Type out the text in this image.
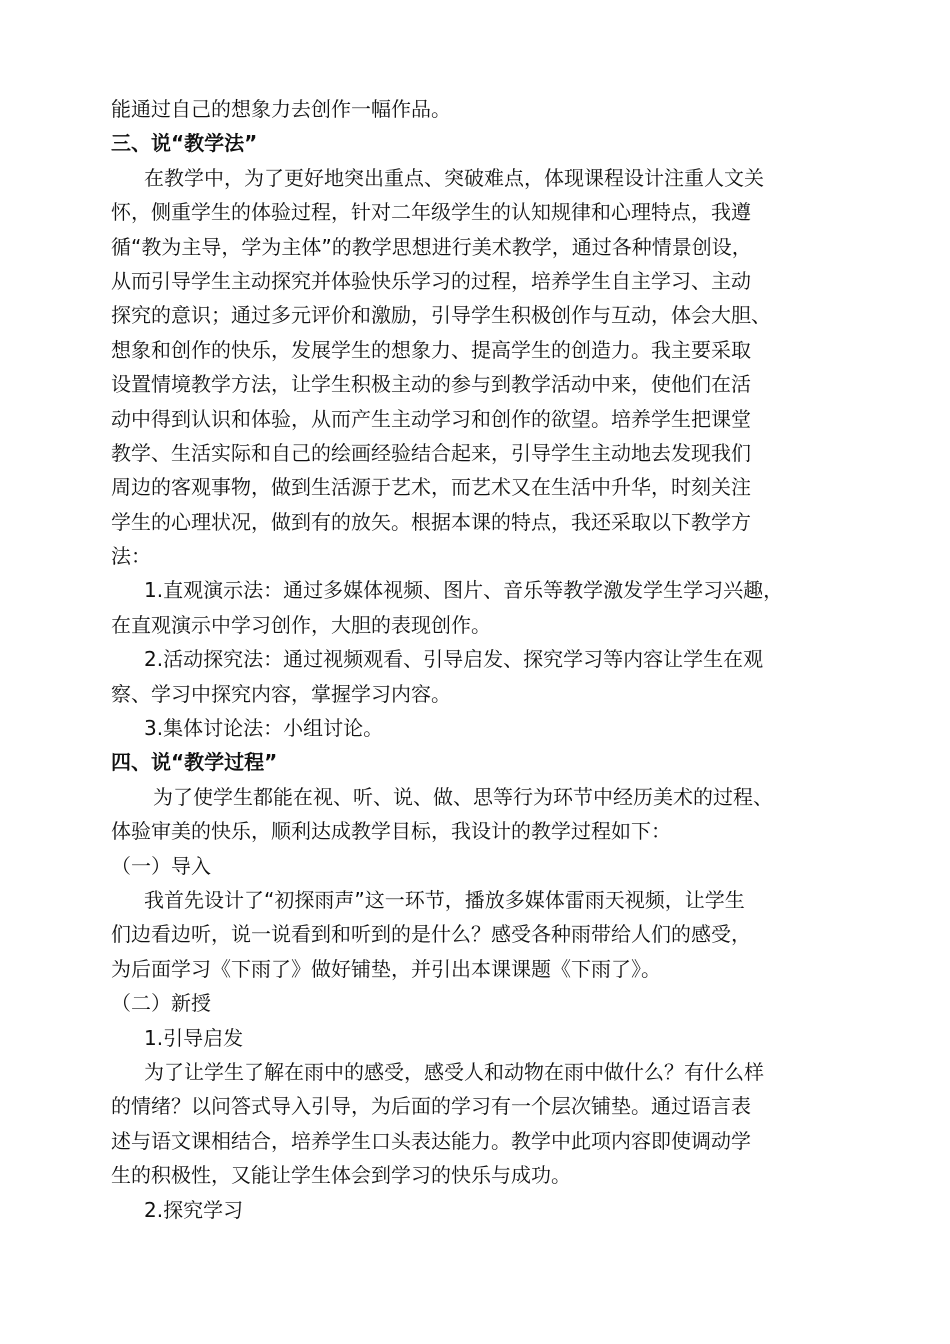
能通过自己的想象力去创作一幅作品。
三、说“教学法”
在教学中，为了更好地突出重点、突破难点，体现课程设计注重人文关
怀，侧重学生的体验过程，针对二年级学生的认知规律和心理特点，我遵
循“教为主导，学为主体”的教学思想进行美术教学，通过各种情景创设，
从而引导学生主动探究并体验快乐学习的过程，培养学生自主学习、主动
探究的意识；通过多元评价和激励，引导学生积极创作与互动，体会大胆、
想象和创作的快乐，发展学生的想象力、提高学生的创造力。我主要采取
设置情境教学方法，让学生积极主动的参与到教学活动中来，使他们在活
动中得到认识和体验，从而产生主动学习和创作的欲望。培养学生把课堂
教学、生活实际和自己的绘画经验结合起来，引导学生主动地去发现我们
周边的客观事物，做到生活源于艺术，而艺术又在生活中升华，时刻关注
学生的心理状况，做到有的放矢。根据本课的特点，我还采取以下教学方
法：
1.直观演示法：通过多媒体视频、图片、音乐等教学激发学生学习兴趣，
在直观演示中学习创作，大胆的表现创作。
2.活动探究法：通过视频观看、引导启发、探究学习等内容让学生在观
察、学习中探究内容，掌握学习内容。
3.集体讨论法：小组讨论。
四、说“教学过程”
为了使学生都能在视、听、说、做、思等行为环节中经历美术的过程、
体验审美的快乐，顺利达成教学目标，我设计的教学过程如下：
（一）导入
我首先设计了“初探雨声”这一环节，播放多媒体雷雨天视频，让学生
们边看边听，说一说看到和听到的是什么？感受各种雨带给人们的感受，
为后面学习《下雨了》做好铺垫，并引出本课课题《下雨了》。
（二）新授
1.引导启发
为了让学生了解在雨中的感受，感受人和动物在雨中做什么？有什么样
的情绪？以问答式导入引导，为后面的学习有一个层次铺垫。通过语言表
述与语文课相结合，培养学生口头表达能力。教学中此项内容即使调动学
生的积极性，又能让学生体会到学习的快乐与成功。
2.探究学习
